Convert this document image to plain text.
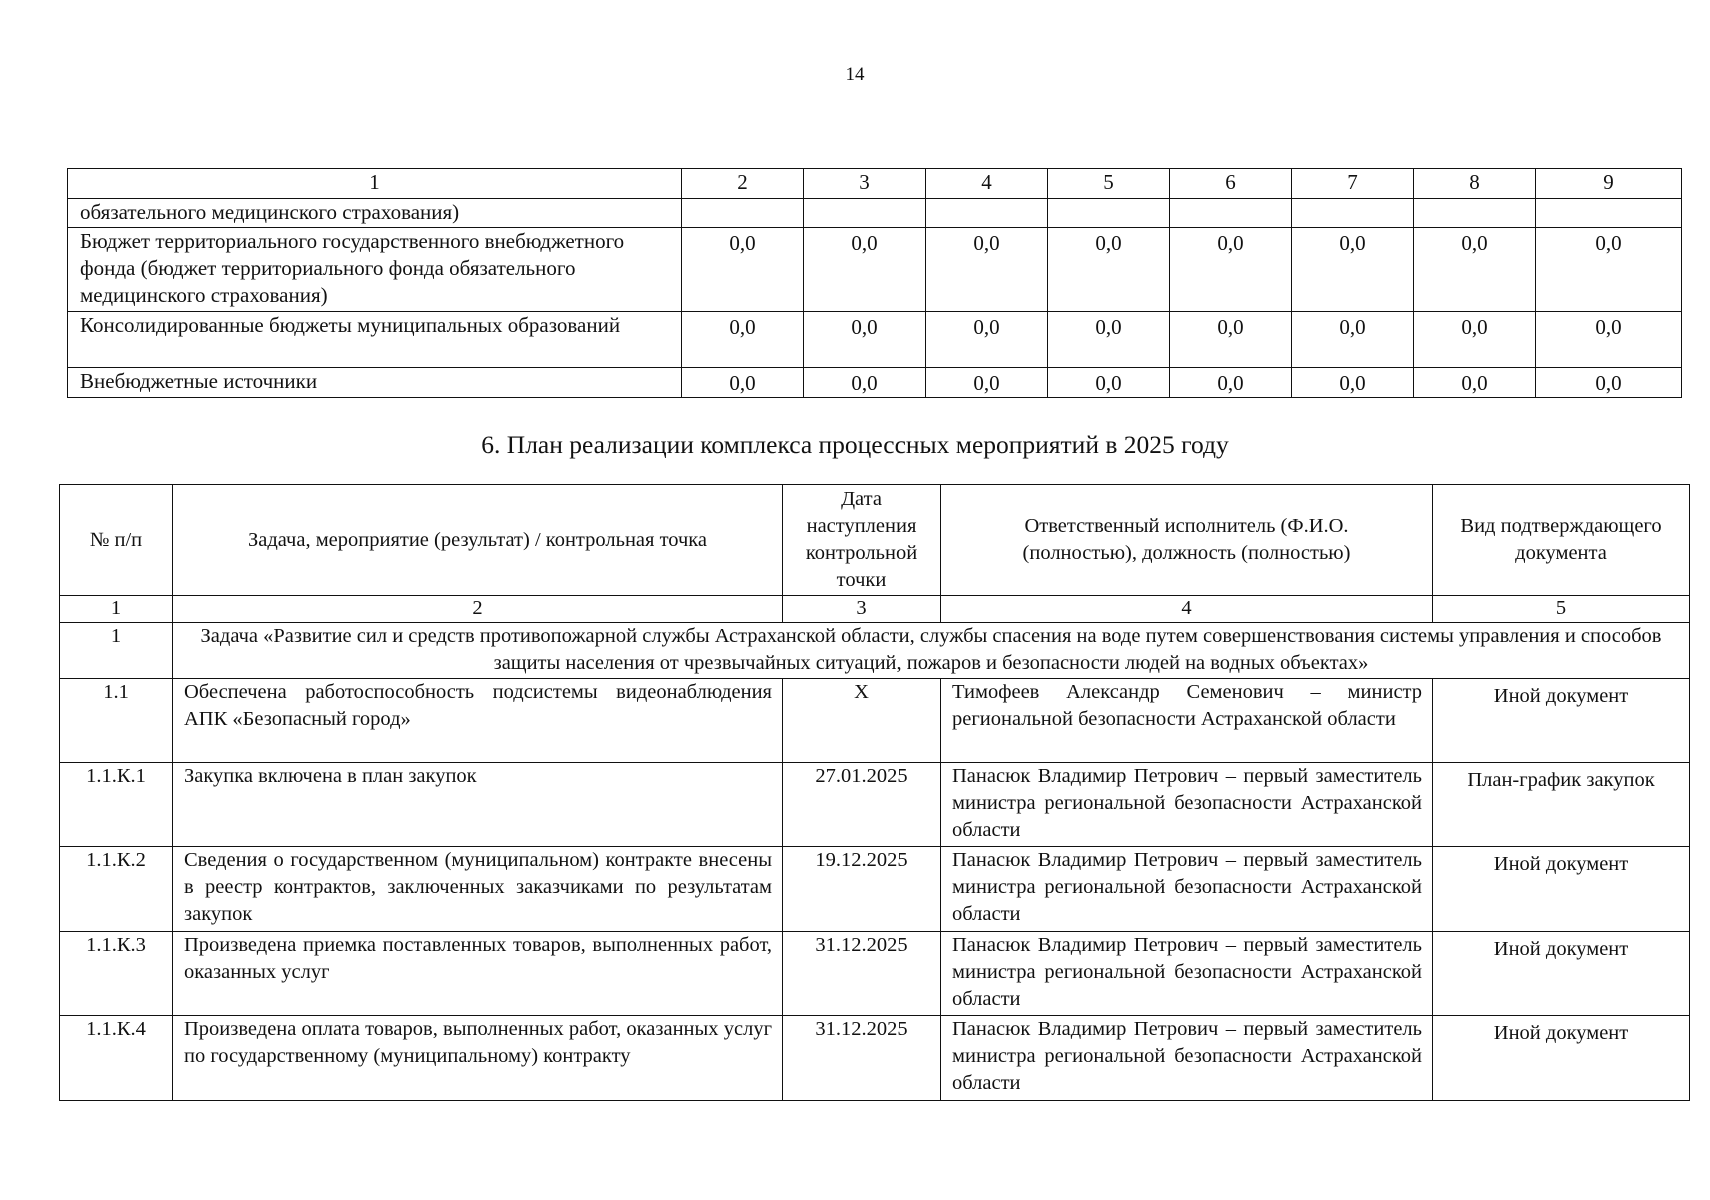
14
1	2	3	4	5	6	7	8	9
обязательного медицинского страхования)								
Бюджет территориального государственного внебюджетного фонда (бюджет территориального фонда обязательного медицинского страхования)	0,0	0,0	0,0	0,0	0,0	0,0	0,0	0,0
Консолидированные бюджеты муниципальных образований	0,0	0,0	0,0	0,0	0,0	0,0	0,0	0,0
Внебюджетные источники	0,0	0,0	0,0	0,0	0,0	0,0	0,0	0,0
6. План реализации комплекса процессных мероприятий в 2025 году
№ п/п	Задача, мероприятие (результат) / контрольная точка	Дата наступления контрольной точки	Ответственный исполнитель (Ф.И.О. (полностью), должность (полностью)	Вид подтверждающего документа
1	2	3	4	5
1	Задача «Развитие сил и средств противопожарной службы Астраханской области, службы спасения на воде путем совершенствования системы управления и способов защиты населения от чрезвычайных ситуаций, пожаров и безопасности людей на водных объектах»			
1.1	Обеспечена работоспособность подсистемы видеонаблюдения АПК «Безопасный город»	X	Тимофеев Александр Семенович – министр региональной безопасности Астраханской области	Иной документ
1.1.К.1	Закупка включена в план закупок	27.01.2025	Панасюк Владимир Петрович – первый заместитель министра региональной безопасности Астраханской области	План-график закупок
1.1.К.2	Сведения о государственном (муниципальном) контракте внесены в реестр контрактов, заключенных заказчиками по результатам закупок	19.12.2025	Панасюк Владимир Петрович – первый заместитель министра региональной безопасности Астраханской области	Иной документ
1.1.К.3	Произведена приемка поставленных товаров, выполненных работ, оказанных услуг	31.12.2025	Панасюк Владимир Петрович – первый заместитель министра региональной безопасности Астраханской области	Иной документ
1.1.К.4	Произведена оплата товаров, выполненных работ, оказанных услуг по государственному (муниципальному) контракту	31.12.2025	Панасюк Владимир Петрович – первый заместитель министра региональной безопасности Астраханской области	Иной документ
